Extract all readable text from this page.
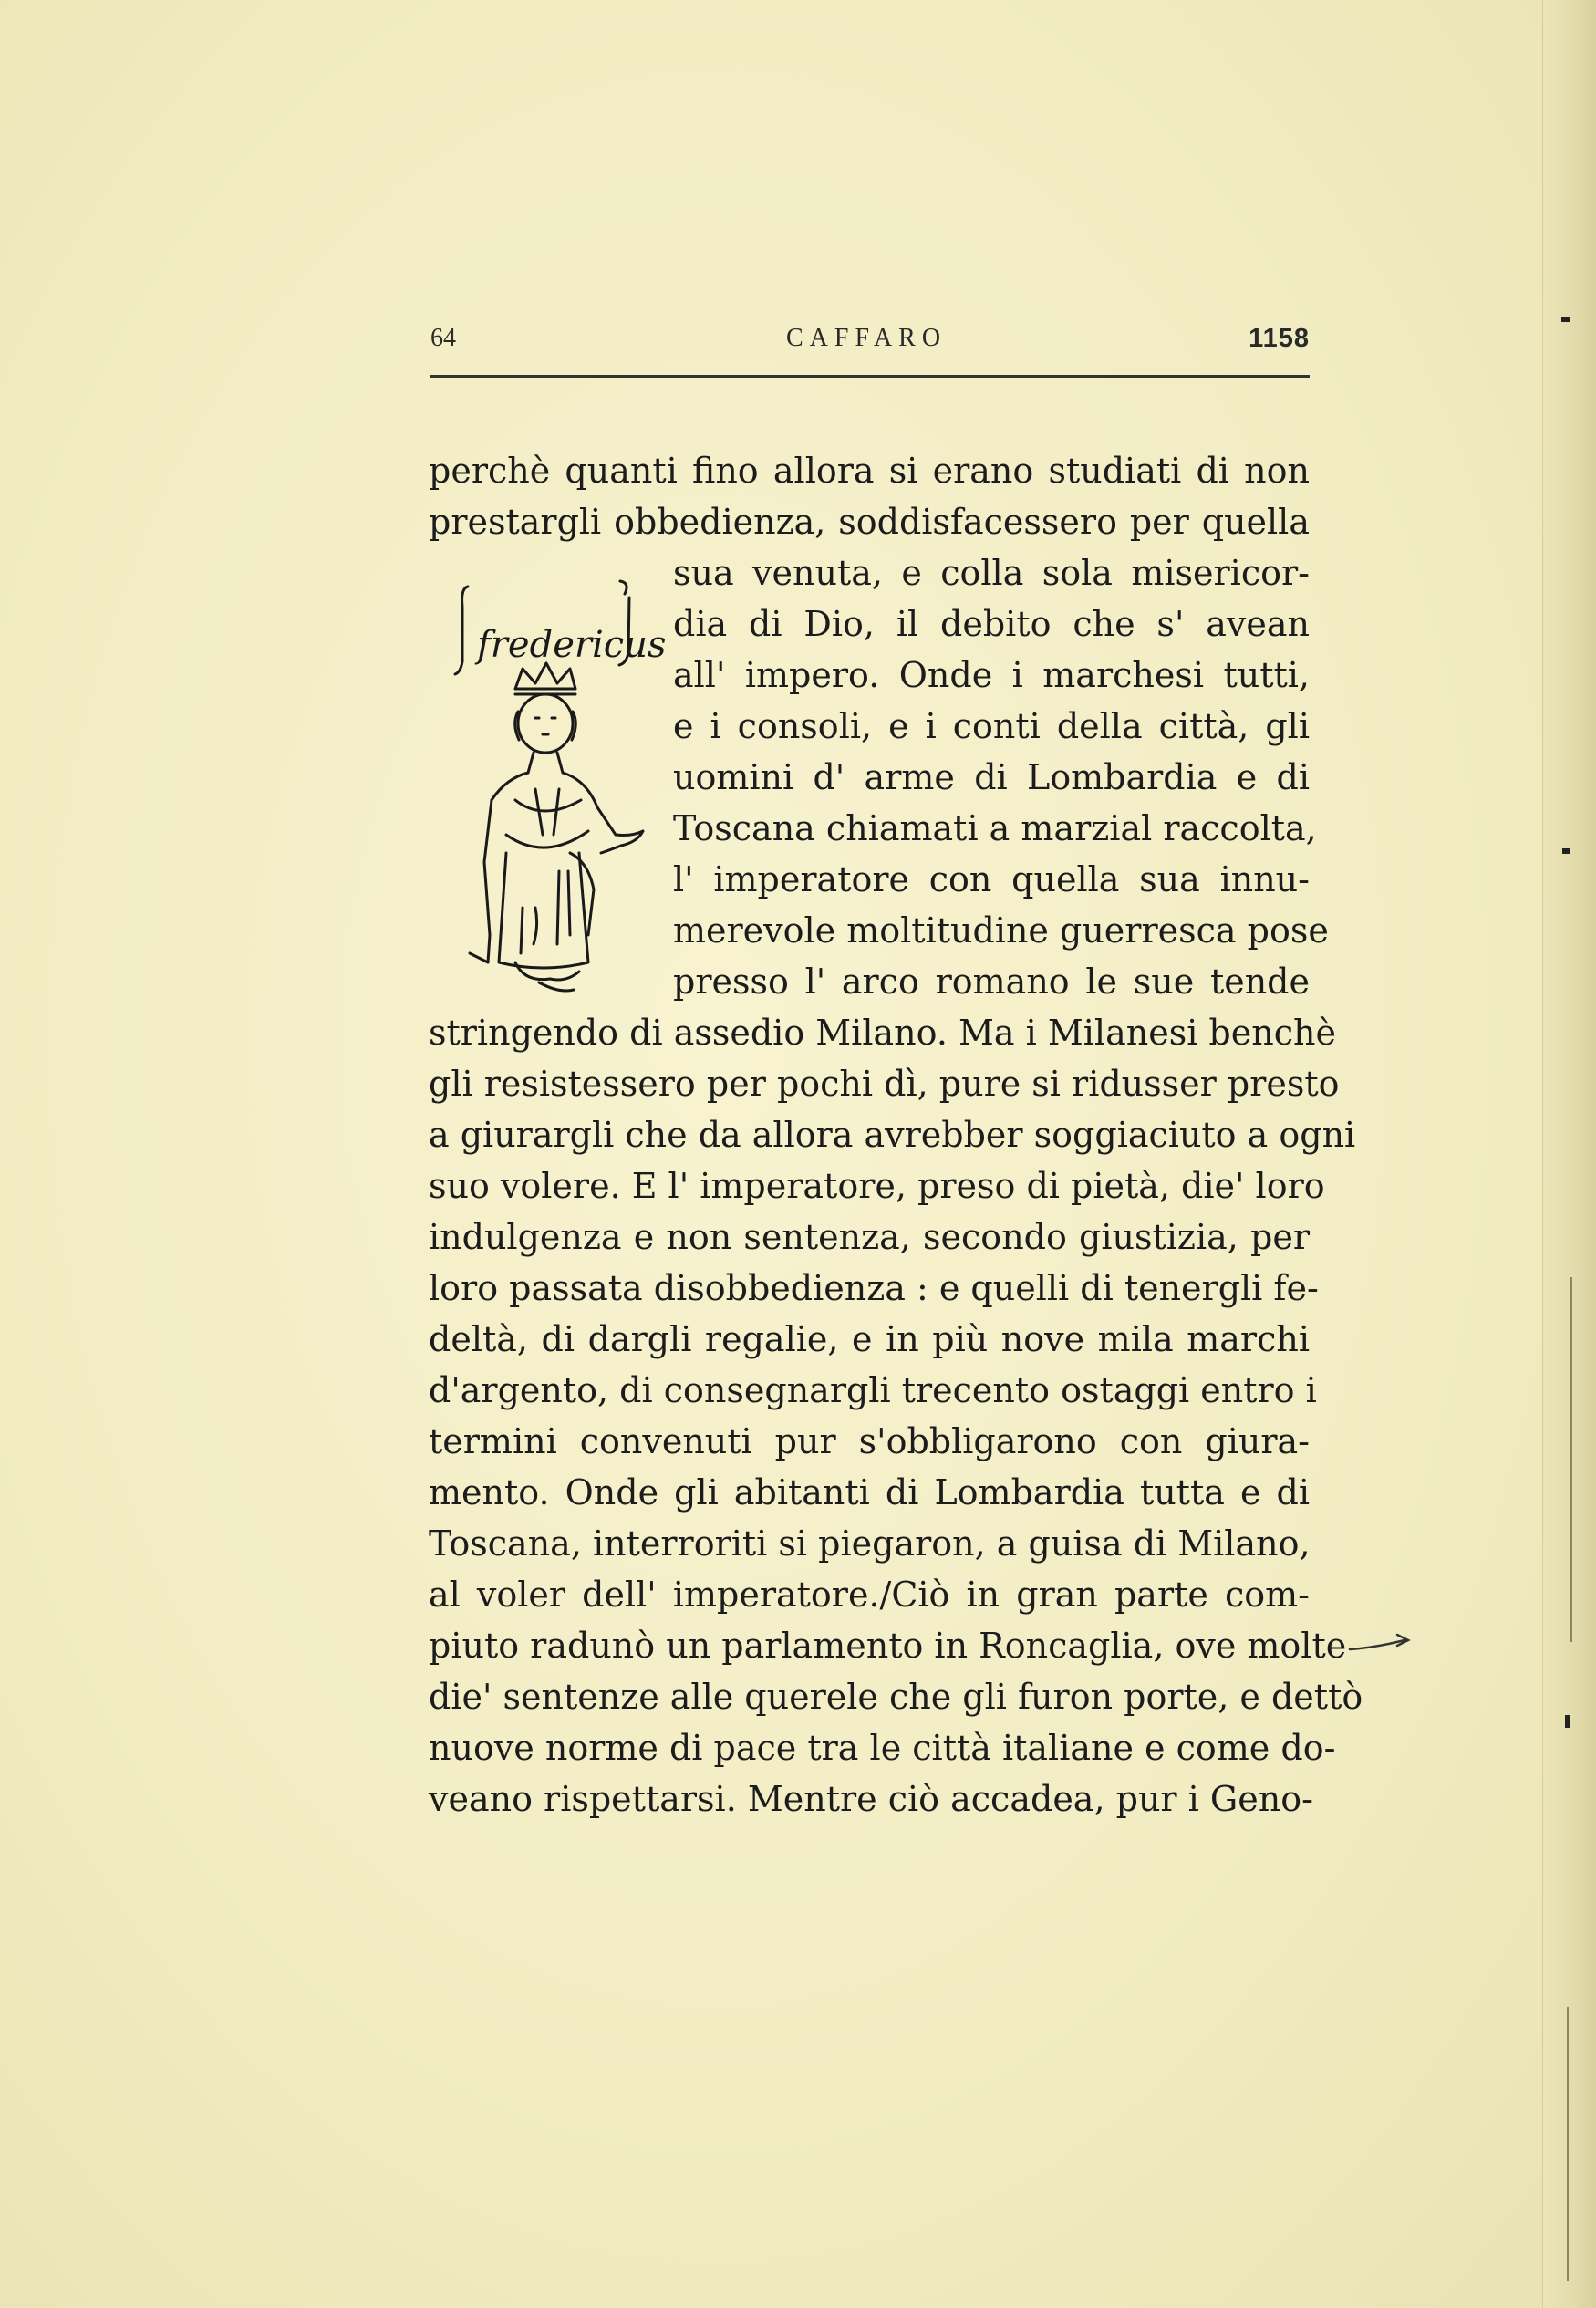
64	CAFFARO	1158
fredericus
perchè quanti fino allora si erano studiati di non
prestargli obbedienza, soddisfacessero per quella
sua venuta, e colla sola misericor-
dia di Dio, il debito che s' avean
all' impero. Onde i marchesi tutti,
e i consoli, e i conti della città, gli
uomini d' arme di Lombardia e di
Toscana chiamati a marzial raccolta,
l' imperatore con quella sua innu-
merevole moltitudine guerresca pose
presso l' arco romano le sue tende
stringendo di assedio Milano. Ma i Milanesi benchè
gli resistessero per pochi dì, pure si ridusser presto
a giurargli che da allora avrebber soggiaciuto a ogni
suo volere. E l' imperatore, preso di pietà, die' loro
indulgenza e non sentenza, secondo giustizia, per
loro passata disobbedienza : e quelli di tenergli fe-
deltà, di dargli regalie, e in più nove mila marchi
d'argento, di consegnargli trecento ostaggi entro i
termini convenuti pur s'obbligarono con giura-
mento. Onde gli abitanti di Lombardia tutta e di
Toscana, interroriti si piegaron, a guisa di Milano,
al voler dell' imperatore./Ciò in gran parte com-
piuto radunò un parlamento in Roncaglia, ove molte
die' sentenze alle querele che gli furon porte, e dettò
nuove norme di pace tra le città italiane e come do-
veano rispettarsi. Mentre ciò accadea, pur i Geno-
